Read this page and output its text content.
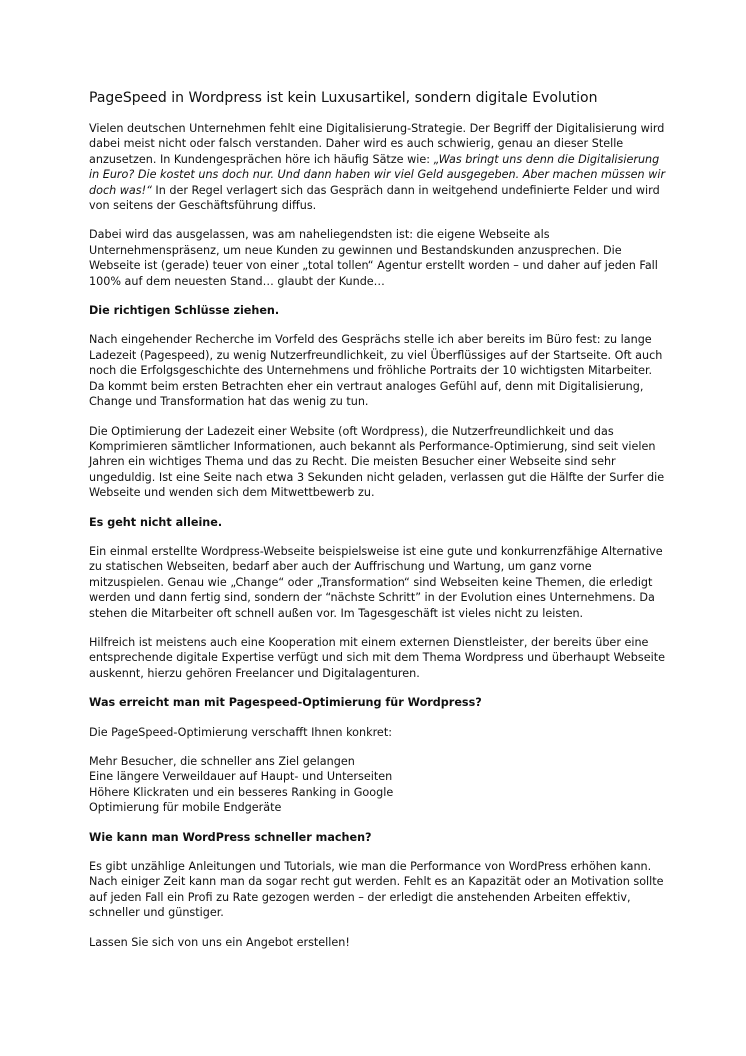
PageSpeed in Wordpress ist kein Luxusartikel, sondern digitale Evolution

Vielen deutschen Unternehmen fehlt eine Digitalisierung-Strategie. Der Begriff der Digitalisierung wird dabei meist nicht oder falsch verstanden. Daher wird es auch schwierig, genau an dieser Stelle anzusetzen. In Kundengesprächen höre ich häufig Sätze wie: „Was bringt uns denn die Digitalisierung in Euro? Die kostet uns doch nur. Und dann haben wir viel Geld ausgegeben. Aber machen müssen wir doch was!“ In der Regel verlagert sich das Gespräch dann in weitgehend undefinierte Felder und wird von seitens der Geschäftsführung diffus.

Dabei wird das ausgelassen, was am naheliegendsten ist: die eigene Webseite als Unternehmenspräsenz, um neue Kunden zu gewinnen und Bestandskunden anzusprechen. Die Webseite ist (gerade) teuer von einer „total tollen“ Agentur erstellt worden – und daher auf jeden Fall 100% auf dem neuesten Stand… glaubt der Kunde…

Die richtigen Schlüsse ziehen.

Nach eingehender Recherche im Vorfeld des Gesprächs stelle ich aber bereits im Büro fest: zu lange Ladezeit (Pagespeed), zu wenig Nutzerfreundlichkeit, zu viel Überflüssiges auf der Startseite. Oft auch noch die Erfolgsgeschichte des Unternehmens und fröhliche Portraits der 10 wichtigsten Mitarbeiter. Da kommt beim ersten Betrachten eher ein vertraut analoges Gefühl auf, denn mit Digitalisierung, Change und Transformation hat das wenig zu tun.

Die Optimierung der Ladezeit einer Website (oft Wordpress), die Nutzerfreundlichkeit und das Komprimieren sämtlicher Informationen, auch bekannt als Performance-Optimierung, sind seit vielen Jahren ein wichtiges Thema und das zu Recht. Die meisten Besucher einer Webseite sind sehr ungeduldig. Ist eine Seite nach etwa 3 Sekunden nicht geladen, verlassen gut die Hälfte der Surfer die Webseite und wenden sich dem Mitwettbewerb zu.

Es geht nicht alleine.

Ein einmal erstellte Wordpress-Webseite beispielsweise ist eine gute und konkurrenzfähige Alternative zu statischen Webseiten, bedarf aber auch der Auffrischung und Wartung, um ganz vorne mitzuspielen. Genau wie „Change“ oder „Transformation“ sind Webseiten keine Themen, die erledigt werden und dann fertig sind, sondern der “nächste Schritt” in der Evolution eines Unternehmens. Da stehen die Mitarbeiter oft schnell außen vor. Im Tagesgeschäft ist vieles nicht zu leisten.

Hilfreich ist meistens auch eine Kooperation mit einem externen Dienstleister, der bereits über eine entsprechende digitale Expertise verfügt und sich mit dem Thema Wordpress und überhaupt Webseite auskennt, hierzu gehören Freelancer und Digitalagenturen.

Was erreicht man mit Pagespeed-Optimierung für Wordpress?

Die PageSpeed-Optimierung verschafft Ihnen konkret:

Mehr Besucher, die schneller ans Ziel gelangen
Eine längere Verweildauer auf Haupt- und Unterseiten
Höhere Klickraten und ein besseres Ranking in Google
Optimierung für mobile Endgeräte

Wie kann man WordPress schneller machen?

Es gibt unzählige Anleitungen und Tutorials, wie man die Performance von WordPress erhöhen kann. Nach einiger Zeit kann man da sogar recht gut werden. Fehlt es an Kapazität oder an Motivation sollte auf jeden Fall ein Profi zu Rate gezogen werden – der erledigt die anstehenden Arbeiten effektiv, schneller und günstiger.

Lassen Sie sich von uns ein Angebot erstellen!
